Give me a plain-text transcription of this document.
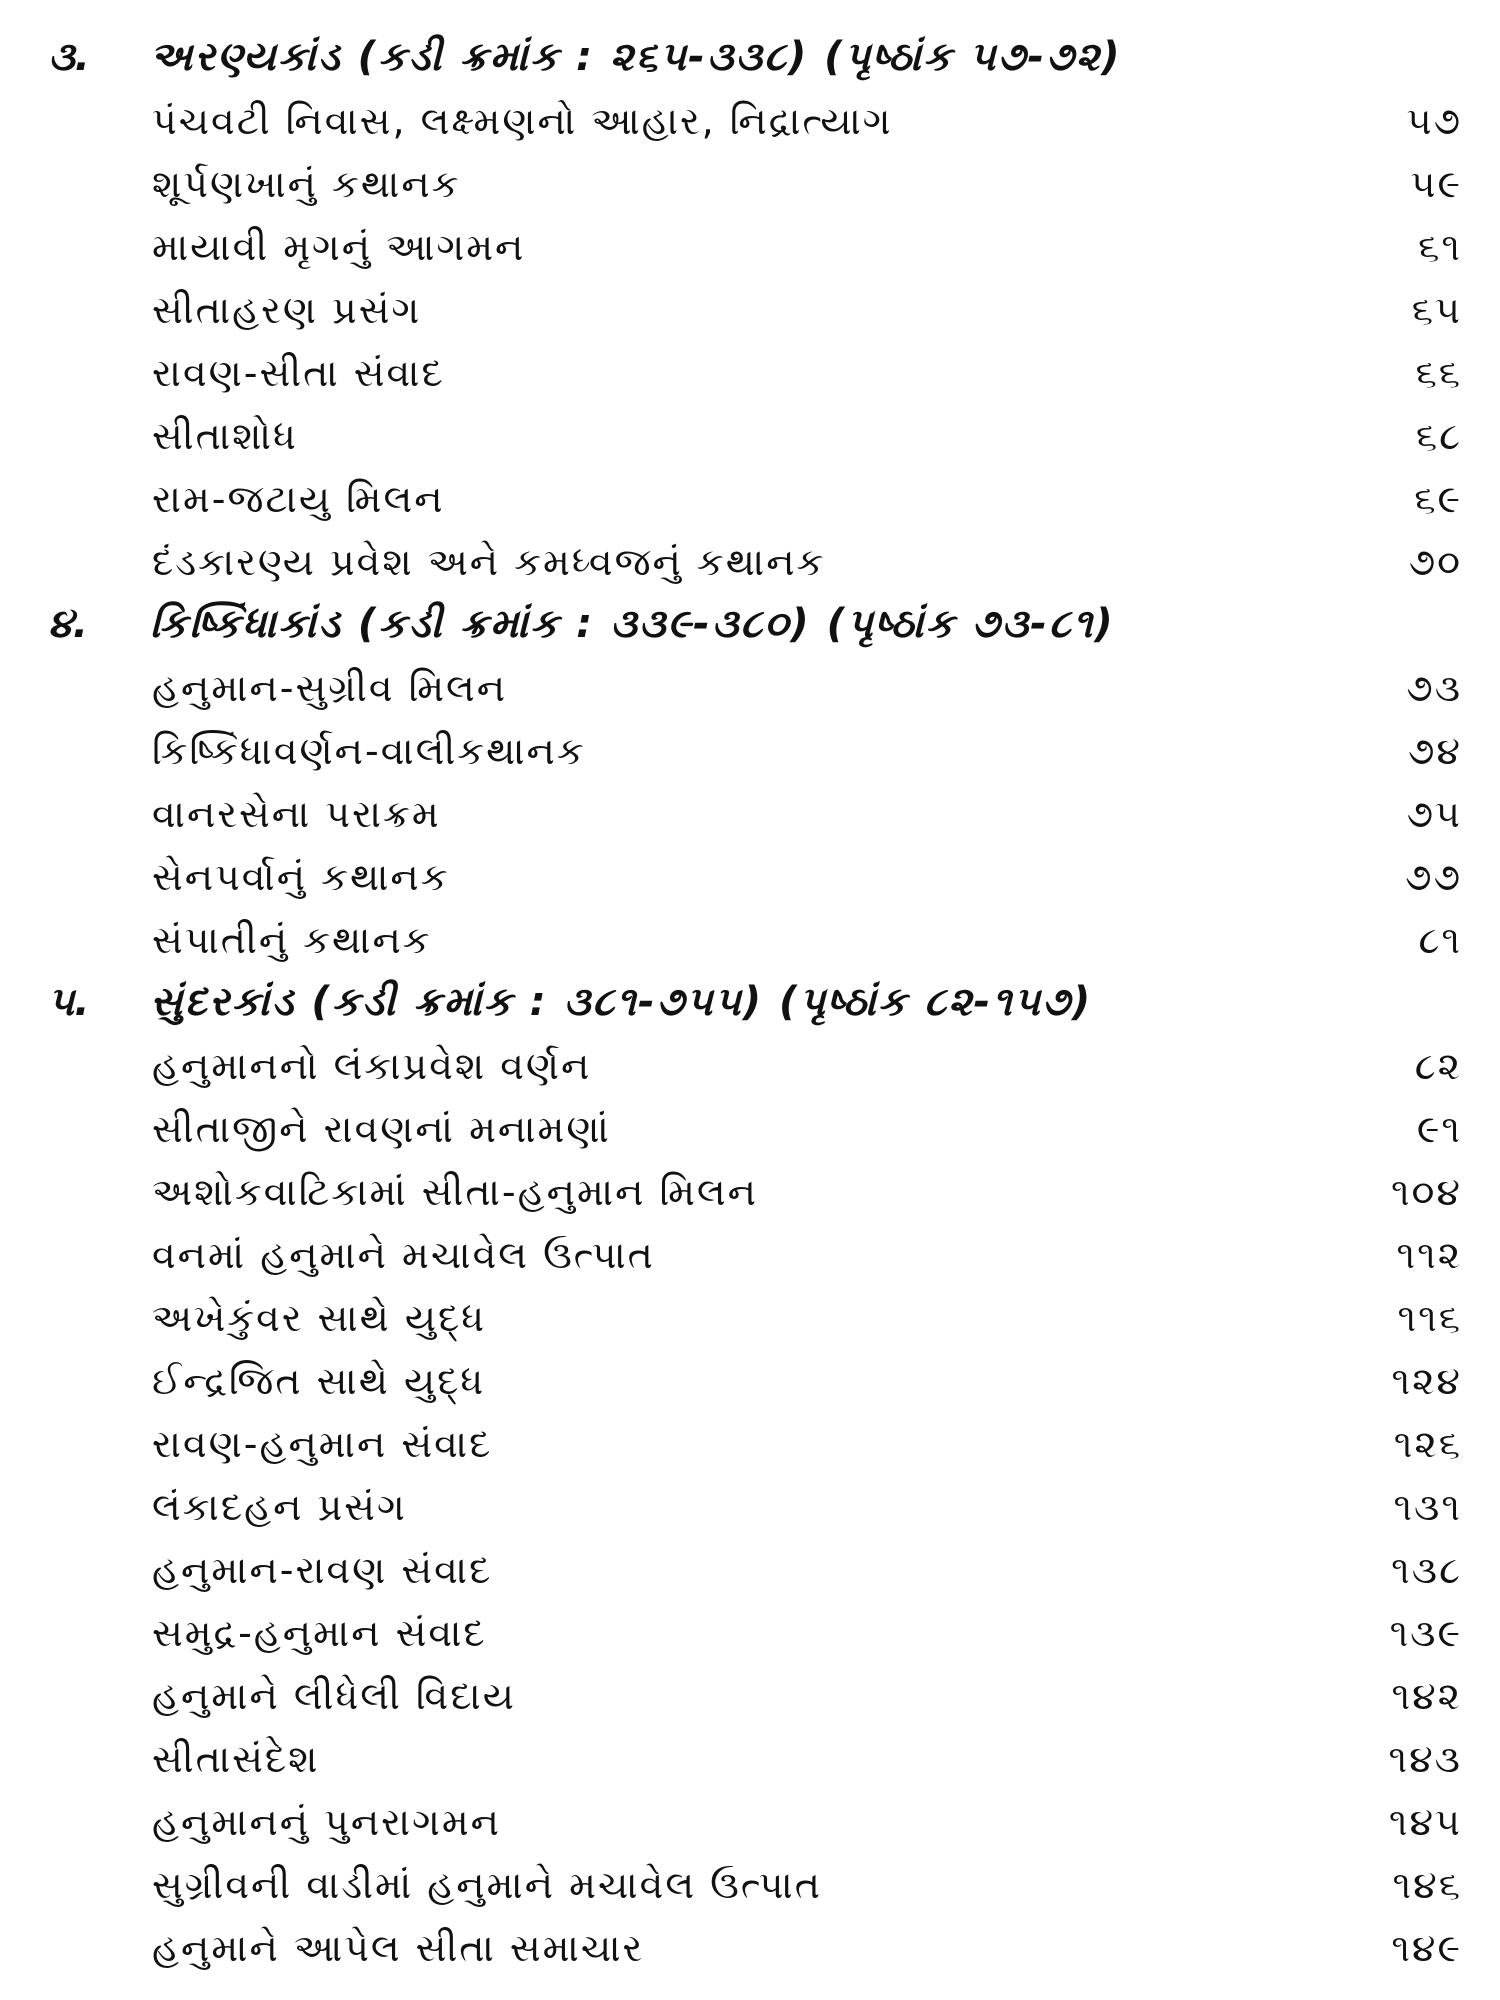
૩. અરણ્યકાંડ (કડી ક્રમાંક : ૨૬૫-૩૩૮) (પૃષ્ઠાંક ૫૭-૭૨)
પંચવટી નિવાસ, લક્ષ્મણનો આહાર, નિદ્રાત્યાગ	૫૭
શૂર્પણખાનું કથાનક	૫૯
માયાવી મૃગનું આગમન	૬૧
સીતાહરણ પ્રસંગ	૬૫
રાવણ-સીતા સંવાદ	૬૬
સીતાશોધ	૬૮
રામ-જટાયુ મિલન	૬૯
દંડકારણ્ય પ્રવેશ અને કમધ્વજનું કથાનક	૭૦
૪. કિષ્કિંધાકાંડ (કડી ક્રમાંક : ૩૩૯-૩૮૦) (પૃષ્ઠાંક ૭૩-૮૧)
હનુમાન-સુગ્રીવ મિલન	૭૩
કિષ્કિંધાવર્ણન-વાલીકથાનક	૭૪
વાનરસેના પરાક્રમ	૭૫
સેનપર્વાનું કથાનક	૭૭
સંપાતીનું કથાનક	૮૧
૫. સુંદરકાંડ (કડી ક્રમાંક : ૩૮૧-૭૫૫) (પૃષ્ઠાંક ૮૨-૧૫૭)
હનુમાનનો લંકાપ્રવેશ વર્ણન	૮૨
સીતાજીને રાવણનાં મનામણાં	૯૧
અશોકવાટિકામાં સીતા-હનુમાન મિલન	૧૦૪
વનમાં હનુમાને મચાવેલ ઉત્પાત	૧૧૨
અખેકુંવર સાથે યુદ્ધ	૧૧૬
ઈન્દ્રજિત સાથે યુદ્ધ	૧૨૪
રાવણ-હનુમાન સંવાદ	૧૨૬
લંકાદહન પ્રસંગ	૧૩૧
હનુમાન-રાવણ સંવાદ	૧૩૮
સમુદ્ર-હનુમાન સંવાદ	૧૩૯
હનુમાને લીધેલી વિદાય	૧૪૨
સીતાસંદેશ	૧૪૩
હનુમાનનું પુનરાગમન	૧૪૫
સુગ્રીવની વાડીમાં હનુમાને મચાવેલ ઉત્પાત	૧૪૬
હનુમાને આપેલ સીતા સમાચાર	૧૪૯
